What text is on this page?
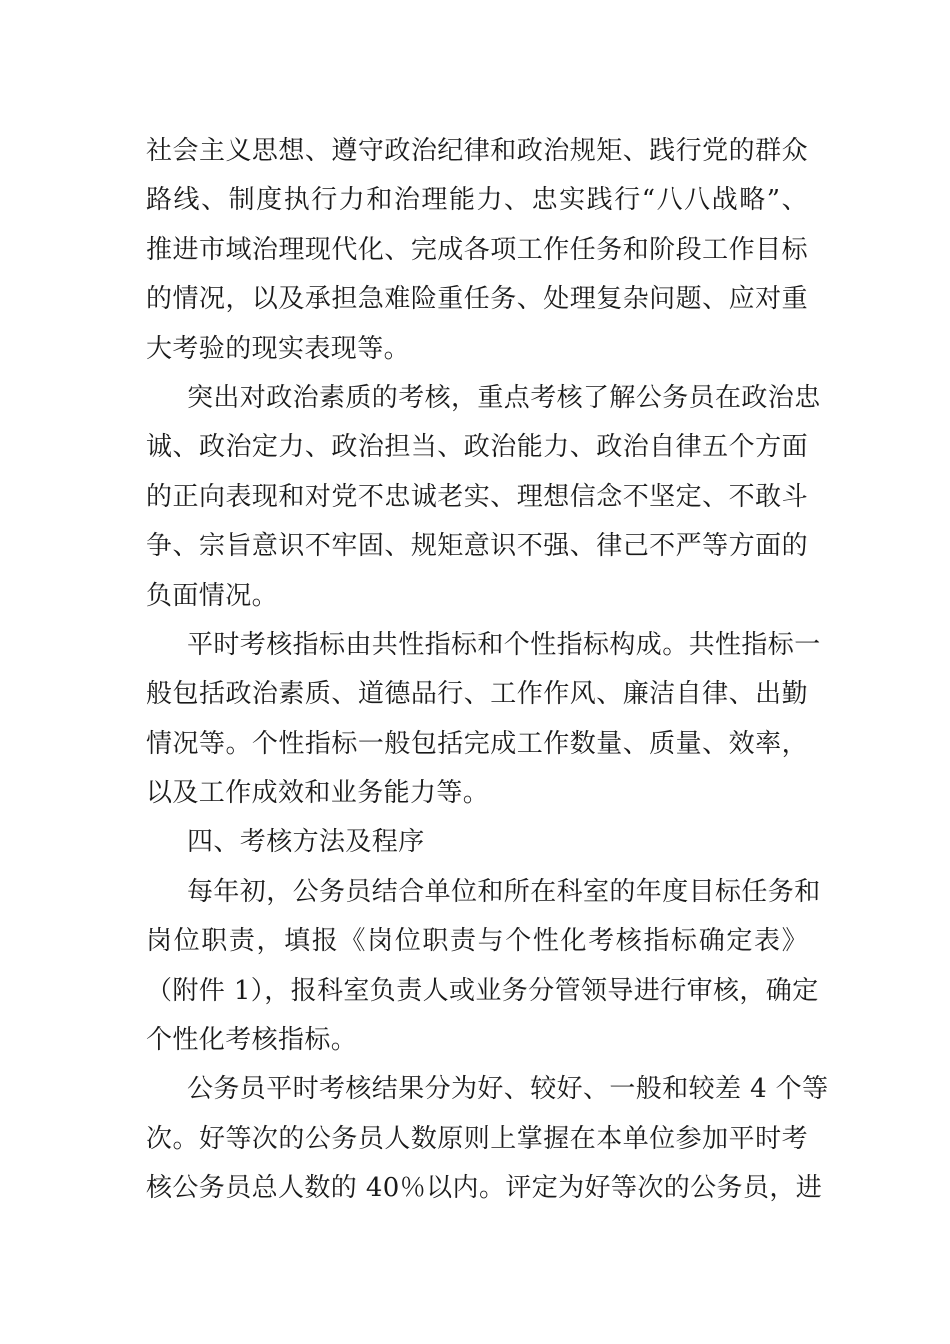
社会主义思想、遵守政治纪律和政治规矩、践行党的群众
路线、制度执行力和治理能力、忠实践行“八八战略”、
推进市域治理现代化、完成各项工作任务和阶段工作目标
的情况，以及承担急难险重任务、处理复杂问题、应对重
大考验的现实表现等。
突出对政治素质的考核，重点考核了解公务员在政治忠
诚、政治定力、政治担当、政治能力、政治自律五个方面
的正向表现和对党不忠诚老实、理想信念不坚定、不敢斗
争、宗旨意识不牢固、规矩意识不强、律己不严等方面的
负面情况。
平时考核指标由共性指标和个性指标构成。共性指标一
般包括政治素质、道德品行、工作作风、廉洁自律、出勤
情况等。个性指标一般包括完成工作数量、质量、效率，
以及工作成效和业务能力等。
四、考核方法及程序
每年初，公务员结合单位和所在科室的年度目标任务和
岗位职责，填报《岗位职责与个性化考核指标确定表》
（附件 1），报科室负责人或业务分管领导进行审核，确定
个性化考核指标。
公务员平时考核结果分为好、较好、一般和较差 4 个等
次。好等次的公务员人数原则上掌握在本单位参加平时考
核公务员总人数的 40％以内。评定为好等次的公务员，进
